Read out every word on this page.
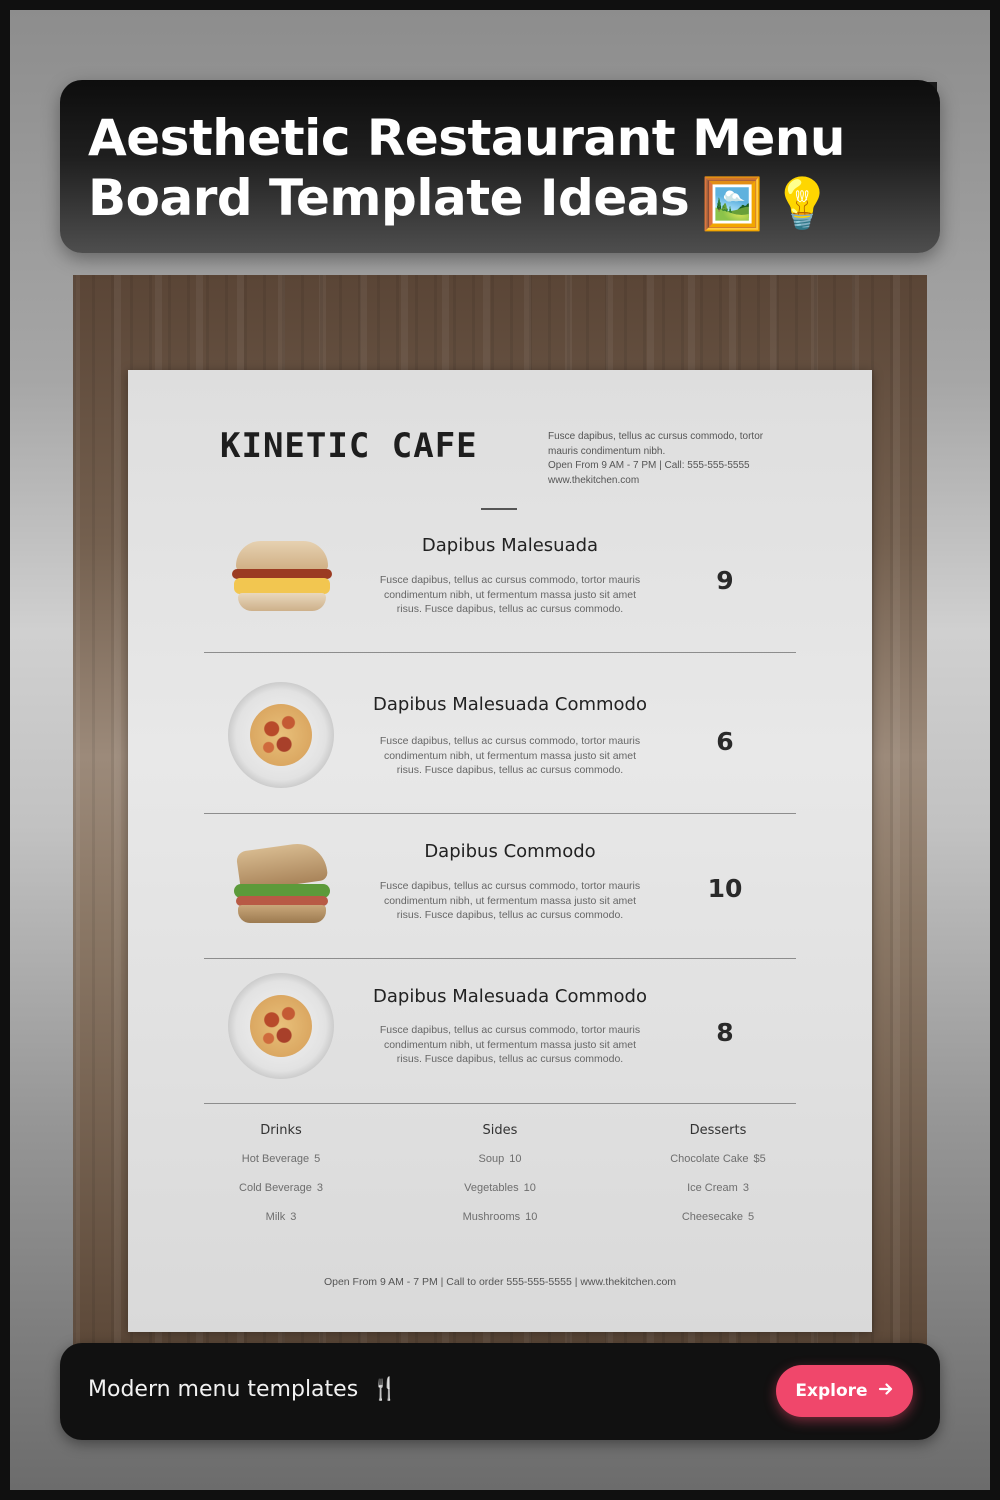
KINETIC CAFE	Fusce dapibus, tellus ac cursus commodo, tortor
mauris condimentum nibh.
Open From 9 AM - 7 PM | Call: 555-555-5555
www.thekitchen.com

Dapibus Malesuada

Fusce dapibus, tellus ac cursus commodo, tortor mauris
condimentum nibh, ut fermentum massa justo sit amet
risus. Fusce dapibus, tellus ac cursus commodo.

9

Dapibus Malesuada Commodo

Fusce dapibus, tellus ac cursus commodo, tortor mauris
condimentum nibh, ut fermentum massa justo sit amet
risus. Fusce dapibus, tellus ac cursus commodo.

6

Dapibus Commodo

Fusce dapibus, tellus ac cursus commodo, tortor mauris
condimentum nibh, ut fermentum massa justo sit amet
risus. Fusce dapibus, tellus ac cursus commodo.

10

Dapibus Malesuada Commodo

Fusce dapibus, tellus ac cursus commodo, tortor mauris
condimentum nibh, ut fermentum massa justo sit amet
risus. Fusce dapibus, tellus ac cursus commodo.

8

Drinks

Hot Beverage 5
Cold Beverage 3
Milk 3

Sides

Soup 10
Vegetables 10
Mushrooms 10

Desserts

Chocolate Cake $5
Ice Cream 3
Cheesecake 5
Open From 9 AM - 7 PM | Call to order 555-555-5555 | www.thekitchen.com
Aesthetic Restaurant Menu Board Template Ideas 🖼️ 💡
Modern menu templates 🍴	Explore
